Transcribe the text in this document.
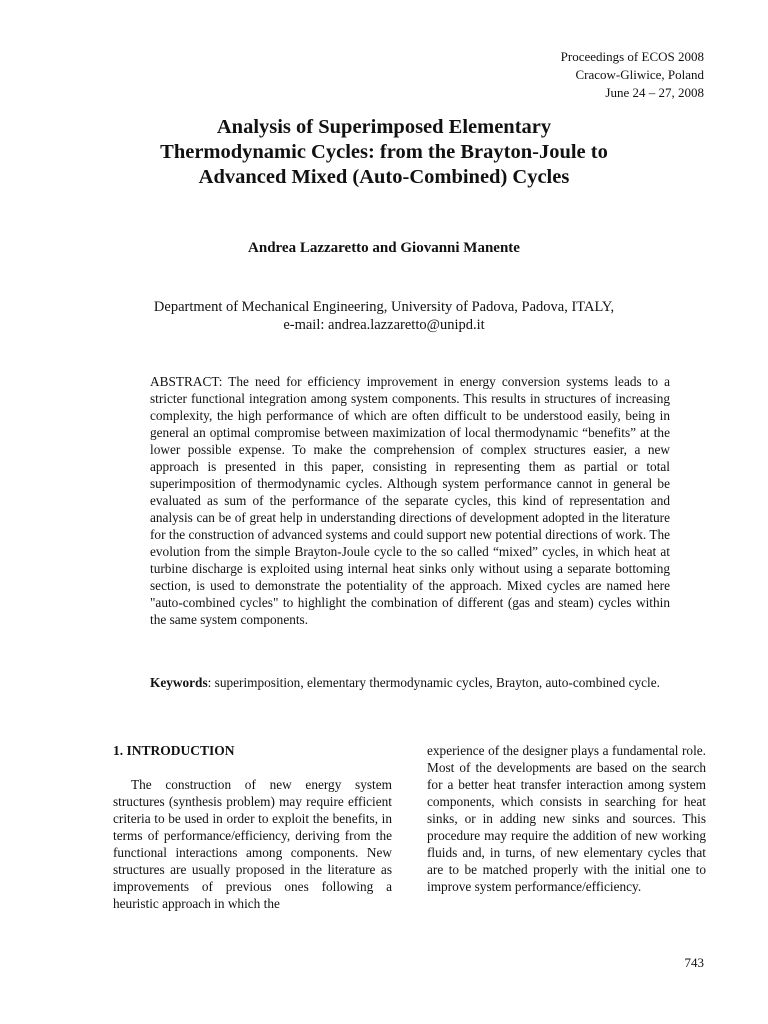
Proceedings of ECOS 2008
Cracow-Gliwice, Poland
June 24 – 27, 2008
Analysis of Superimposed Elementary
Thermodynamic Cycles: from the Brayton-Joule to
Advanced Mixed (Auto-Combined) Cycles
Andrea Lazzaretto and Giovanni Manente
Department of Mechanical Engineering, University of Padova, Padova, ITALY,
e-mail: andrea.lazzaretto@unipd.it

ABSTRACT: The need for efficiency improvement in energy conversion systems leads to a stricter functional integration among system components. This results in structures of increasing complexity, the high performance of which are often difficult to be understood easily, being in general an optimal compromise between maximization of local thermodynamic “benefits” at the lower possible expense. To make the comprehension of complex structures easier, a new approach is presented in this paper, consisting in representing them as partial or total superimposition of thermodynamic cycles. Although system performance cannot in general be evaluated as sum of the performance of the separate cycles, this kind of representation and analysis can be of great help in understanding directions of development adopted in the literature for the construction of advanced systems and could support new potential directions of work. The evolution from the simple Brayton-Joule cycle to the so called “mixed” cycles, in which heat at turbine discharge is exploited using internal heat sinks only without using a separate bottoming section, is used to demonstrate the potentiality of the approach. Mixed cycles are named here "auto-combined cycles" to highlight the combination of different (gas and steam) cycles within the same system components.

Keywords: superimposition, elementary thermodynamic cycles, Brayton, auto-combined cycle.

1. INTRODUCTION

The construction of new energy system structures (synthesis problem) may require efficient criteria to be used in order to exploit the benefits, in terms of performance/efficiency, deriving from the functional interactions among components. New structures are usually proposed in the literature as improvements of previous ones following a heuristic approach in which the

experience of the designer plays a fundamental role. Most of the developments are based on the search for a better heat transfer interaction among system components, which consists in searching for heat sinks, or in adding new sinks and sources. This procedure may require the addition of new working fluids and, in turns, of new elementary cycles that are to be matched properly with the initial one to improve system performance/efficiency.

743
